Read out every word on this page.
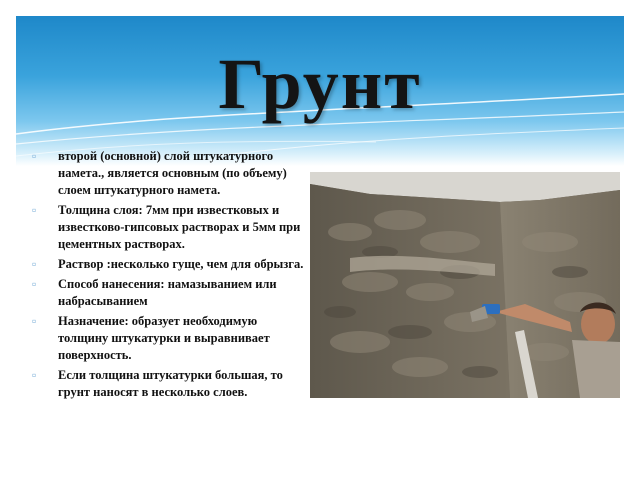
Грунт
▫ второй (основной) слой штукатурного намета., является основным (по объему) слоем штукатурного намета.
▫ Толщина слоя: 7мм при известковых и известково-гипсовых растворах и 5мм при цементных растворах.
▫ Раствор :несколько гуще, чем для обрызга.
▫ Способ нанесения: намазыванием или набрасыванием
▫ Назначение: образует необходимую толщину штукатурки и выравнивает поверхность.
▫ Если толщина штукатурки большая, то грунт наносят в несколько слоев.
